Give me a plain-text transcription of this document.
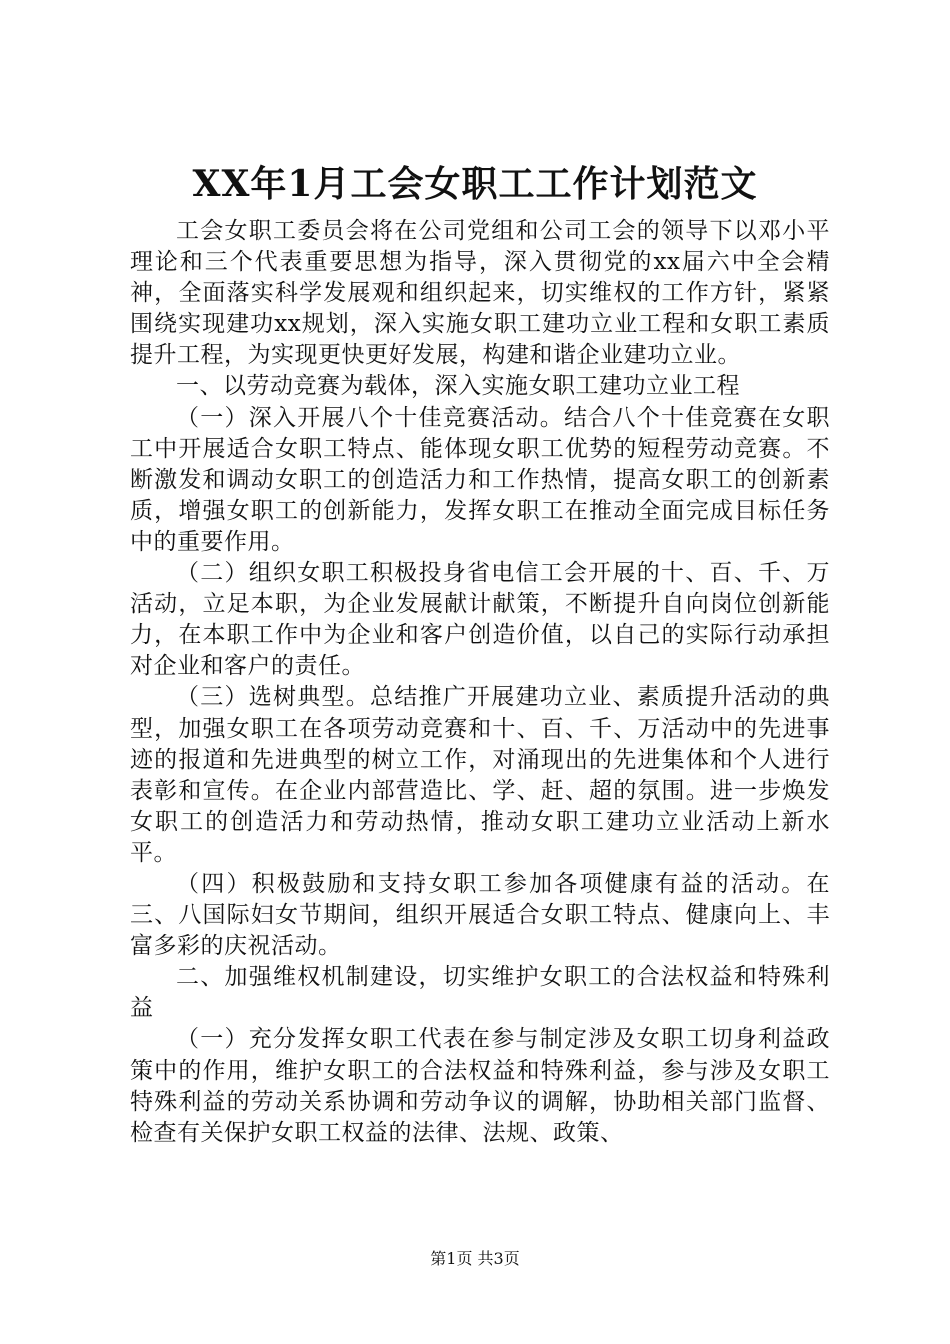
XX年1月工会女职工工作计划范文

工会女职工委员会将在公司党组和公司工会的领导下以邓小平理论和三个代表重要思想为指导，深入贯彻党的xx届六中全会精神，全面落实科学发展观和组织起来，切实维权的工作方针，紧紧围绕实现建功xx规划，深入实施女职工建功立业工程和女职工素质提升工程，为实现更快更好发展，构建和谐企业建功立业。

一、以劳动竞赛为载体，深入实施女职工建功立业工程

（一）深入开展八个十佳竞赛活动。结合八个十佳竞赛在女职工中开展适合女职工特点、能体现女职工优势的短程劳动竞赛。不断激发和调动女职工的创造活力和工作热情，提高女职工的创新素质，增强女职工的创新能力，发挥女职工在推动全面完成目标任务中的重要作用。

（二）组织女职工积极投身省电信工会开展的十、百、千、万活动，立足本职，为企业发展献计献策，不断提升自向岗位创新能力，在本职工作中为企业和客户创造价值，以自己的实际行动承担对企业和客户的责任。

（三）选树典型。总结推广开展建功立业、素质提升活动的典型，加强女职工在各项劳动竞赛和十、百、千、万活动中的先进事迹的报道和先进典型的树立工作，对涌现出的先进集体和个人进行表彰和宣传。在企业内部营造比、学、赶、超的氛围。进一步焕发女职工的创造活力和劳动热情，推动女职工建功立业活动上新水平。

（四）积极鼓励和支持女职工参加各项健康有益的活动。在三、八国际妇女节期间，组织开展适合女职工特点、健康向上、丰富多彩的庆祝活动。

二、加强维权机制建设，切实维护女职工的合法权益和特殊利益

（一）充分发挥女职工代表在参与制定涉及女职工切身利益政策中的作用，维护女职工的合法权益和特殊利益，参与涉及女职工特殊利益的劳动关系协调和劳动争议的调解，协助相关部门监督、检查有关保护女职工权益的法律、法规、政策、

第1页 共3页
